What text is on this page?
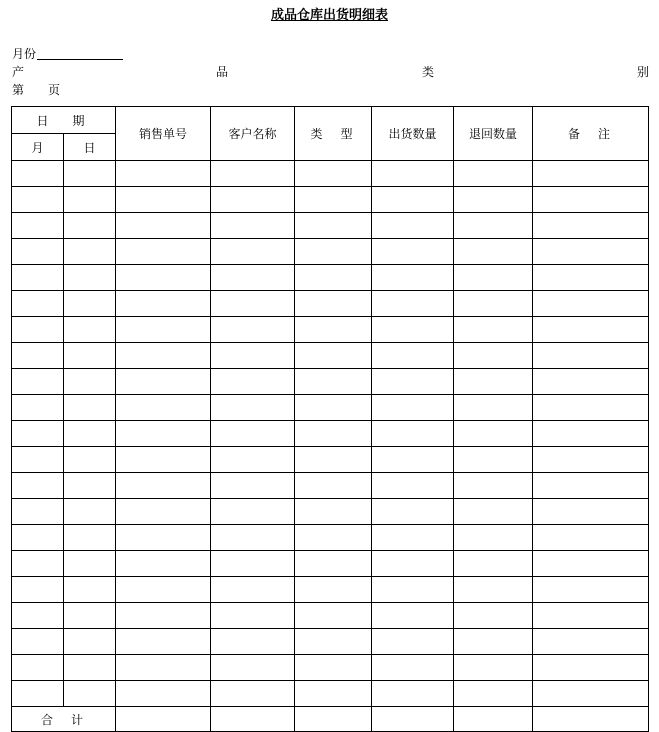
成品仓库出货明细表
月份
产	品	类	别
第 页
日　期		销售单号	客户名称	类　型	出货数量	退回数量	备　注
月	日						

合　计							
